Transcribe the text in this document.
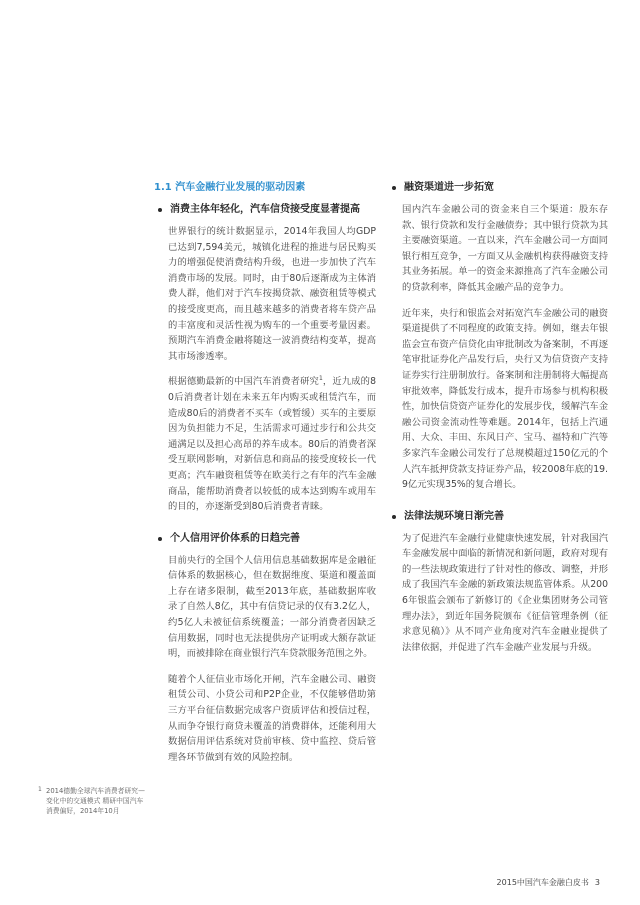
1.1 汽车金融行业发展的驱动因素
消费主体年轻化，汽车信贷接受度显著提高

世界银行的统计数据显示，2014年我国人均GDP已达到7,594美元，城镇化进程的推进与居民购买力的增强促使消费结构升级，也进一步加快了汽车消费市场的发展。同时，由于80后逐渐成为主体消费人群，他们对于汽车按揭贷款、融资租赁等模式的接受度更高，而且越来越多的消费者将车贷产品的丰富度和灵活性视为购车的一个重要考量因素。预期汽车消费金融将随这一波消费结构变革，提高其市场渗透率。

根据德勤最新的中国汽车消费者研究$^1$，近九成的80后消费者计划在未来五年内购买或租赁汽车，而造成80后的消费者不买车（或暂缓）买车的主要原因为负担能力不足，生活需求可通过步行和公共交通满足以及担心高昂的养车成本。80后的消费者深受互联网影响，对新信息和商品的接受度较长一代更高；汽车融资租赁等在欧美行之有年的汽车金融商品，能帮助消费者以较低的成本达到购车或用车的目的，亦逐渐受到80后消费者青睐。

个人信用评价体系的日趋完善

目前央行的全国个人信用信息基础数据库是金融征信体系的数据核心，但在数据维度、渠道和覆盖面上存在诸多限制，截至2013年底，基础数据库收录了自然人8亿，其中有信贷记录的仅有3.2亿人，约5亿人未被征信系统覆盖；一部分消费者因缺乏信用数据，同时也无法提供房产证明或大额存款证明，而被排除在商业银行汽车贷款服务范围之外。

随着个人征信业市场化开闸，汽车金融公司、融资租赁公司、小贷公司和P2P企业，不仅能够借助第三方平台征信数据完成客户资质评估和授信过程，从而争夺银行商贷未覆盖的消费群体，还能利用大数据信用评估系统对贷前审核、贷中监控、贷后管理各环节做到有效的风险控制。

融资渠道进一步拓宽

国内汽车金融公司的资金来自三个渠道：股东存款、银行贷款和发行金融债券；其中银行贷款为其主要融资渠道。一直以来，汽车金融公司一方面同银行相互竞争，一方面又从金融机构获得融资支持其业务拓展。单一的资金来源推高了汽车金融公司的贷款利率，降低其金融产品的竞争力。

近年来，央行和银监会对拓宽汽车金融公司的融资渠道提供了不同程度的政策支持。例如，继去年银监会宣布资产信贷化由审批制改为备案制，不再逐笔审批证券化产品发行后，央行又为信贷资产支持证券实行注册制放行。备案制和注册制将大幅提高审批效率，降低发行成本，提升市场参与机构积极性，加快信贷资产证券化的发展步伐，缓解汽车金融公司资金流动性等难题。2014年，包括上汽通用、大众、丰田、东风日产、宝马、福特和广汽等多家汽车金融公司发行了总规模超过150亿元的个人汽车抵押贷款支持证券产品，较2008年底的19.9亿元实现35%的复合增长。

法律法规环境日渐完善

为了促进汽车金融行业健康快速发展，针对我国汽车金融发展中面临的新情况和新问题，政府对现有的一些法规政策进行了针对性的修改、调整，并形成了我国汽车金融的新政策法规监管体系。从2006年银监会颁布了新修订的《企业集团财务公司管理办法》，到近年国务院颁布《征信管理条例（征求意见稿）》从不同产业角度对汽车金融业提供了法律依据，并促进了汽车金融产业发展与升级。

1 2014德勤全球汽车消费者研究—变化中的交通模式 精研中国汽车消费偏好，2014年10月
2015中国汽车金融白皮书 3
